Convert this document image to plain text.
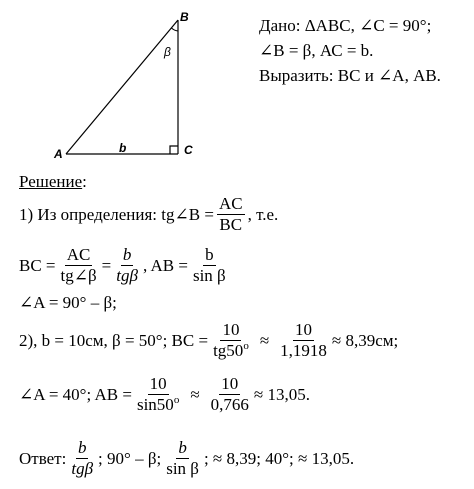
B
A	C
b
β
Дано: ΔАВС, ∠С = 90°;
∠В = β, АС = b.
Выразить: ВС и ∠А, АВ.
Решение:
1) Из определения: tg∠B = $\frac{AC}{BC}$ , т.е.
BC = $\frac{AC}{tg\angle\beta} = \frac{b}{\text{tgβ}}$ , AB = $\frac{b}{\text{sin β}}$
∠A = 90° – β;
2), b = 10см, β = 50°; ВС = $\frac{10}{tg50^o} \approx \frac{10}{1,1918} \approx 8,39см$;
∠A = 40°; AB = $\frac{10}{\sin 50^o} \approx \frac{10}{0,766} \approx 13,05$.
Ответ: $\frac{b}{\text{tgβ}}$ ; 90° – β; $\frac{b}{\text{sin β}}$ ; ≈ 8,39; 40°; ≈ 13,05.
